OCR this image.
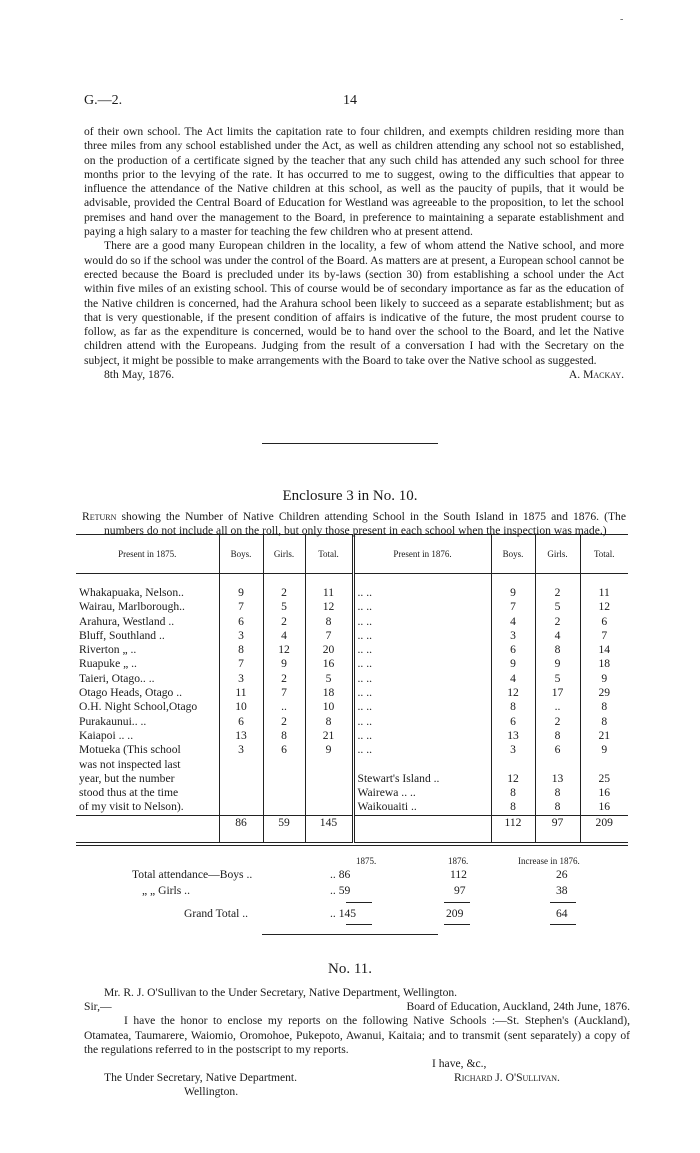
-
G.—2.	14

of their own school. The Act limits the capitation rate to four children, and exempts children residing more than three miles from any school established under the Act, as well as children attending any school not so established, on the production of a certificate signed by the teacher that any such child has attended any such school for three months prior to the levying of the rate. It has occurred to me to suggest, owing to the difficulties that appear to influence the attendance of the Native children at this school, as well as the paucity of pupils, that it would be advisable, provided the Central Board of Education for Westland was agreeable to the proposition, to let the school premises and hand over the management to the Board, in preference to maintaining a separate establishment and paying a high salary to a master for teaching the few children who at present attend.

There are a good many European children in the locality, a few of whom attend the Native school, and more would do so if the school was under the control of the Board. As matters are at present, a European school cannot be erected because the Board is precluded under its by-laws (section 30) from establishing a school under the Act within five miles of an existing school. This of course would be of secondary importance as far as the education of the Native children is concerned, had the Arahura school been likely to succeed as a separate establishment; but as that is very questionable, if the present condition of affairs is indicative of the future, the most prudent course to follow, as far as the expenditure is concerned, would be to hand over the school to the Board, and let the Native children attend with the Europeans. Judging from the result of a conversation I had with the Secretary on the subject, it might be possible to make arrangements with the Board to take over the Native school as suggested.

8th May, 1876.	A. Mackay.
Enclosure 3 in No. 10.

Return showing the Number of Native Children attending School in the South Island in 1875 and 1876. (The numbers do not include all on the roll, but only those present in each school when the inspection was made.)

Present in 1875.	Boys.	Girls.	Total.	Present in 1876.	Boys.	Girls.	Total.
Whakapuaka, Nelson..	9	2	11	.. ..	9	2	11
Wairau, Marlborough..	7	5	12	.. ..	7	5	12
Arahura, Westland ..	6	2	8	.. ..	4	2	6
Bluff, Southland ..	3	4	7	.. ..	3	4	7
Riverton „ ..	8	12	20	.. ..	6	8	14
Ruapuke „ ..	7	9	16	.. ..	9	9	18
Taieri, Otago.. ..	3	2	5	.. ..	4	5	9
Otago Heads, Otago ..	11	7	18	.. ..	12	17	29
O.H. Night School,Otago	10	..	10	.. ..	8	..	8
Purakaunui.. ..	6	2	8	.. ..	6	2	8
Kaiapoi .. ..	13	8	21	.. ..	13	8	21
Motueka (This school	3	6	9	.. ..	3	6	9
was not inspected last							
year, but the number				Stewart's Island ..	12	13	25
stood thus at the time				Wairewa .. ..	8	8	16
of my visit to Nelson).				Waikouaiti ..	8	8	16
	86	59	145		112	97	209
1875.	1876.	Increase in 1876.
Total attendance—Boys ..	.. 86	112	26
„ „ Girls ..	.. 59	97	38
Grand Total ..	.. 145	209	64
No. 11.

Mr. R. J. O'Sullivan to the Under Secretary, Native Department, Wellington.

Sir,—	Board of Education, Auckland, 24th June, 1876.

I have the honor to enclose my reports on the following Native Schools :—St. Stephen's (Auckland), Otamatea, Taumarere, Waiomio, Oromohoe, Pukepoto, Awanui, Kaitaia; and to transmit (sent separately) a copy of the regulations referred to in the postscript to my reports.

I have, &c.,
The Under Secretary, Native Department.	Richard J. O'Sullivan.
Wellington.
